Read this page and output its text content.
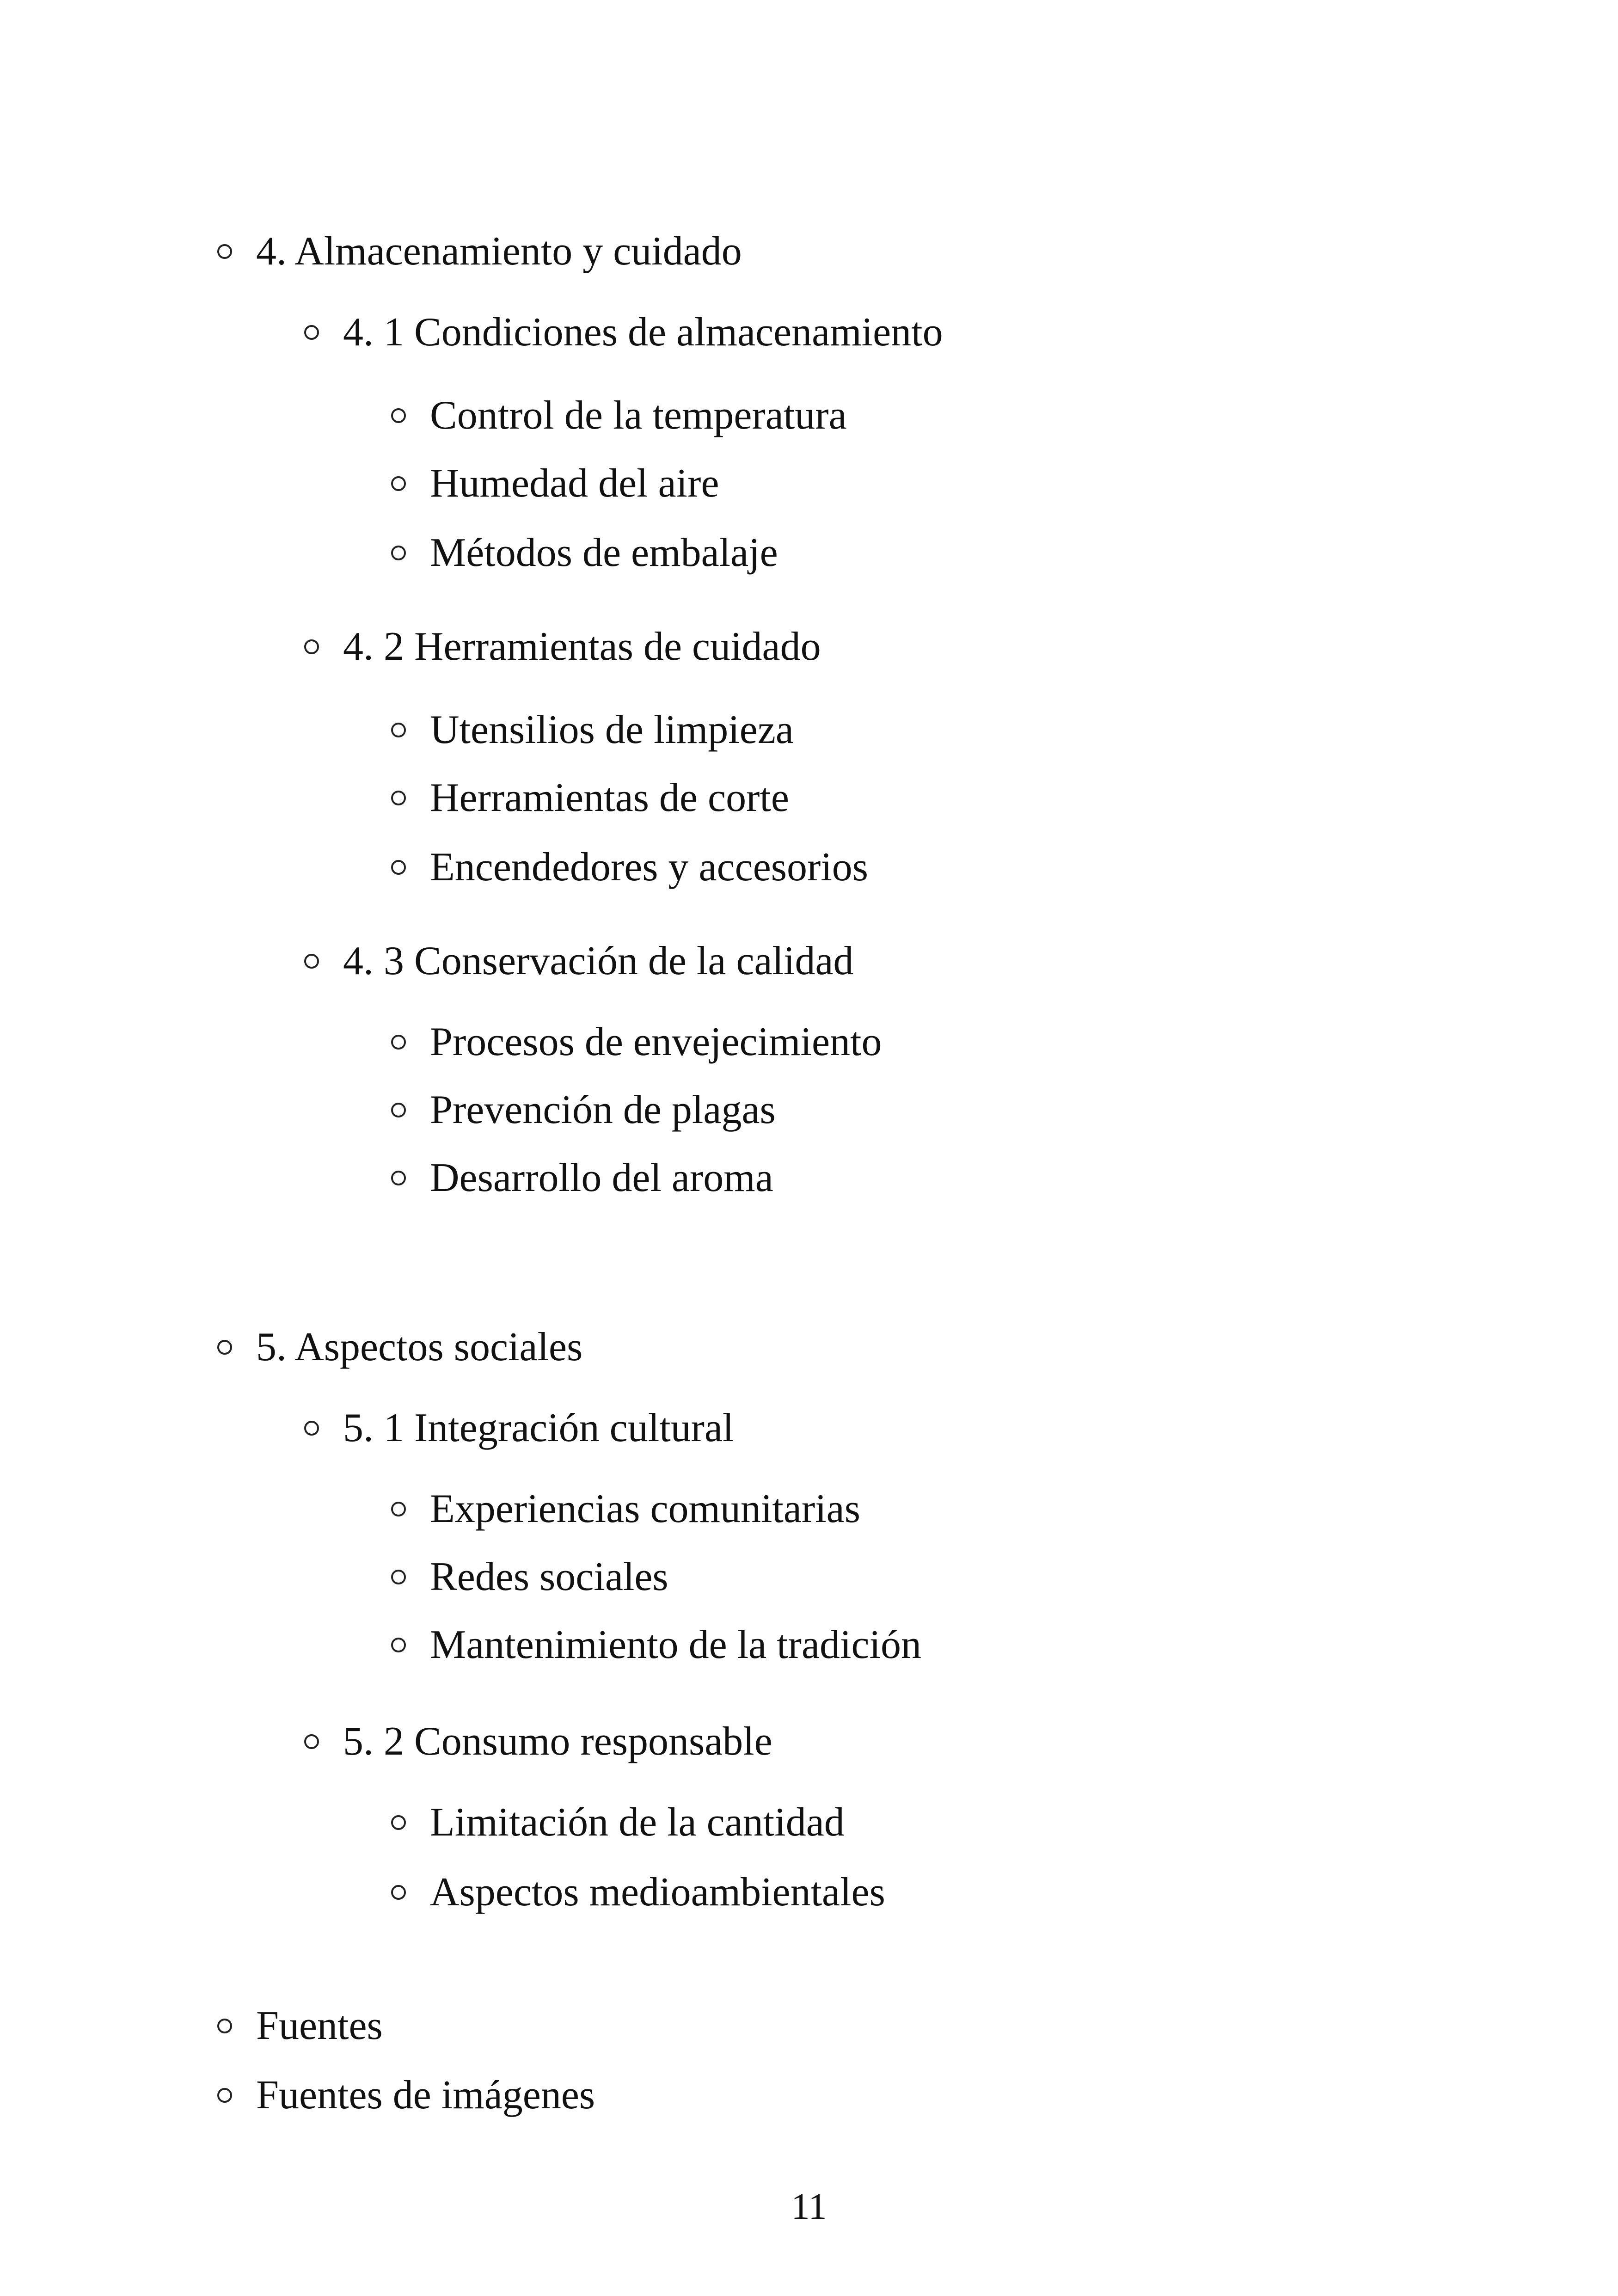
4. Almacenamiento y cuidado
4. 1 Condiciones de almacenamiento
Control de la temperatura
Humedad del aire
Métodos de embalaje
4. 2 Herramientas de cuidado
Utensilios de limpieza
Herramientas de corte
Encendedores y accesorios
4. 3 Conservación de la calidad
Procesos de envejecimiento
Prevención de plagas
Desarrollo del aroma
5. Aspectos sociales
5. 1 Integración cultural
Experiencias comunitarias
Redes sociales
Mantenimiento de la tradición
5. 2 Consumo responsable
Limitación de la cantidad
Aspectos medioambientales
Fuentes
Fuentes de imágenes
11
